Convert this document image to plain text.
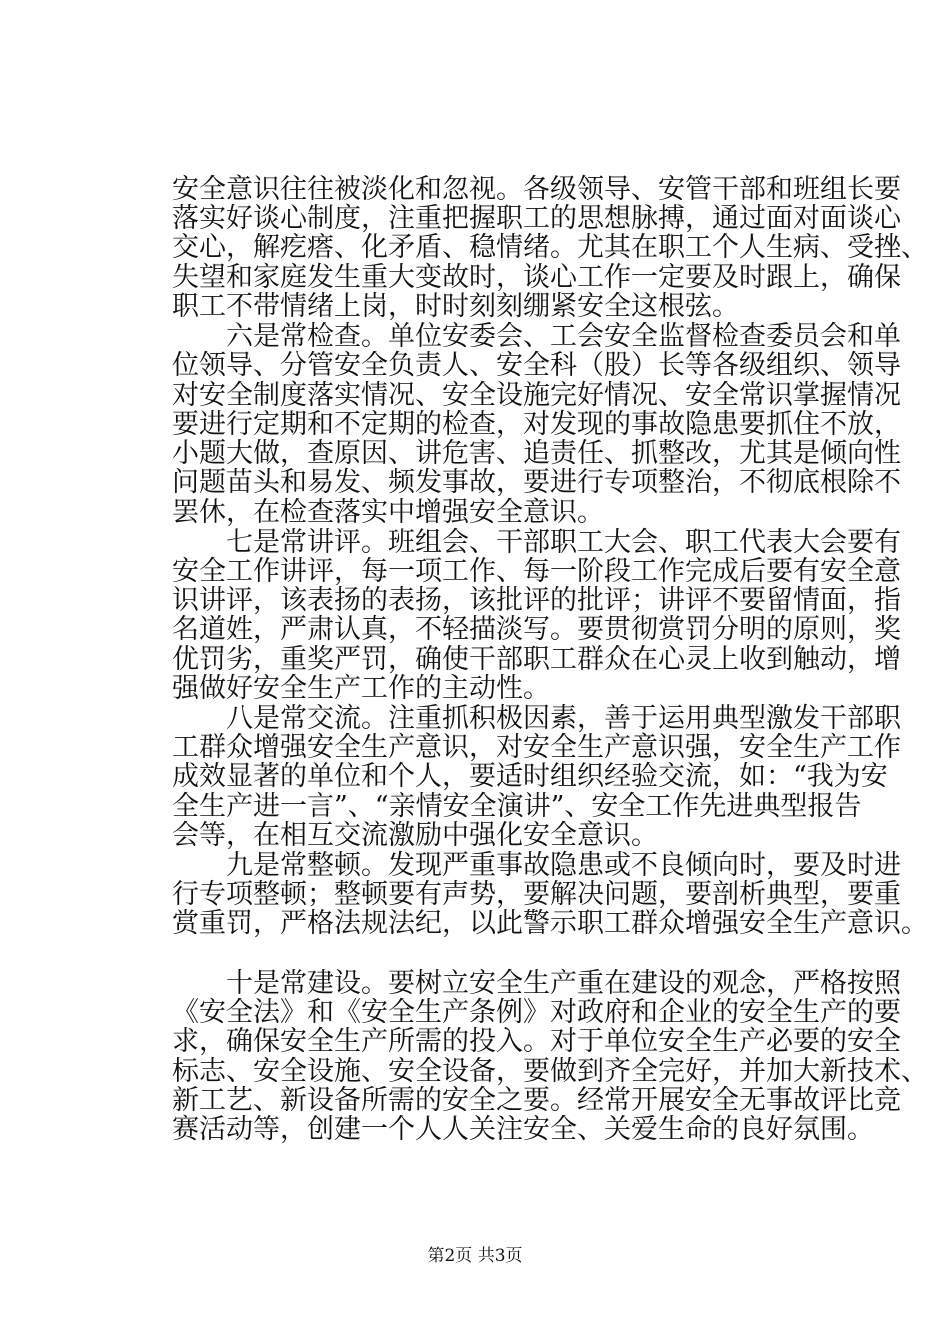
安全意识往往被淡化和忽视。各级领导、安管干部和班组长要
落实好谈心制度，注重把握职工的思想脉搏，通过面对面谈心
交心，解疙瘩、化矛盾、稳情绪。尤其在职工个人生病、受挫、
失望和家庭发生重大变故时，谈心工作一定要及时跟上，确保
职工不带情绪上岗，时时刻刻绷紧安全这根弦。
　　六是常检查。单位安委会、工会安全监督检查委员会和单
位领导、分管安全负责人、安全科（股）长等各级组织、领导
对安全制度落实情况、安全设施完好情况、安全常识掌握情况
要进行定期和不定期的检查，对发现的事故隐患要抓住不放，
小题大做，查原因、讲危害、追责任、抓整改，尤其是倾向性
问题苗头和易发、频发事故，要进行专项整治，不彻底根除不
罢休，在检查落实中增强安全意识。
　　七是常讲评。班组会、干部职工大会、职工代表大会要有
安全工作讲评，每一项工作、每一阶段工作完成后要有安全意
识讲评，该表扬的表扬，该批评的批评；讲评不要留情面，指
名道姓，严肃认真，不轻描淡写。要贯彻赏罚分明的原则，奖
优罚劣，重奖严罚，确使干部职工群众在心灵上收到触动，增
强做好安全生产工作的主动性。
　　八是常交流。注重抓积极因素，善于运用典型激发干部职
工群众增强安全生产意识，对安全生产意识强，安全生产工作
成效显著的单位和个人，要适时组织经验交流，如：“我为安
全生产进一言”、“亲情安全演讲”、安全工作先进典型报告
会等，在相互交流激励中强化安全意识。
　　九是常整顿。发现严重事故隐患或不良倾向时，要及时进
行专项整顿；整顿要有声势，要解决问题，要剖析典型，要重
赏重罚，严格法规法纪，以此警示职工群众增强安全生产意识。
　　十是常建设。要树立安全生产重在建设的观念，严格按照
《安全法》和《安全生产条例》对政府和企业的安全生产的要
求，确保安全生产所需的投入。对于单位安全生产必要的安全
标志、安全设施、安全设备，要做到齐全完好，并加大新技术、
新工艺、新设备所需的安全之要。经常开展安全无事故评比竞
赛活动等，创建一个人人关注安全、关爱生命的良好氛围。
第2页 共3页
